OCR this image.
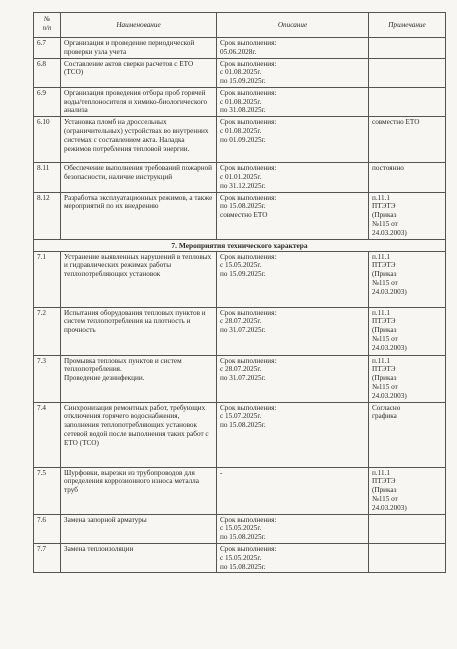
№
п/п	Наименование	Описание	Примечание
6.7	Организация и проведение периодической проверки узла учета	Срок выполнения:
05.06.2028г.	
6.8	Составление актов сверки расчетов с ЕТО (ТСО)	Срок выполнения:
с 01.08.2025г.
по 15.09.2025г.	
6.9	Организация проведения отбора проб горячей воды/теплоносителя и химико-биологического анализа	Срок выполнения:
с 01.08.2025г.
по 31.08.2025г.	
6.10	Установка пломб на дроссельных (ограничительных) устройствах во внутренних системах с составлением акта. Наладка режимов потребления тепловой энергии.	Срок выполнения:
с 01.08.2025г.
по 01.09.2025г.	совместно ЕТО
8.11	Обеспечение выполнения требований пожарной безопасности, наличие инструкций	Срок выполнения:
с 01.01.2025г.
по 31.12.2025г.	постоянно
8.12	Разработка эксплуатационных режимов, а также мероприятий по их внедрению	Срок выполнения:
по 15.08.2025г.
совместно ЕТО	п.11.1
ПТЭТЭ
(Приказ
№115 от
24.03.2003)
7. Мероприятия технического характера			
7.1	Устранение выявленных нарушений в тепловых и гидравлических режимах работы теплопотребляющих установок	Срок выполнения:
с 15.05.2025г.
по 15.09.2025г.	п.11.1
ПТЭТЭ
(Приказ
№115 от
24.03.2003)
7.2	Испытания оборудования тепловых пунктов и систем теплопотребления на плотность и прочность	Срок выполнения:
с 28.07.2025г.
по 31.07.2025г.	п.11.1
ПТЭТЭ
(Приказ
№115 от
24.03.2003)
7.3	Промывка тепловых пунктов и систем теплопотребления.
Проведение дезинфекции.	Срок выполнения:
с 28.07.2025г.
по 31.07.2025г.	п.11.1
ПТЭТЭ
(Приказ
№115 от
24.03.2003)
7.4	Синхронизация ремонтных работ, требующих отключения горячего водоснабжения, заполнения теплопотребляющих установок сетевой водой после выполнения таких работ с ЕТО (ТСО)	Срок выполнения:
с 15.07.2025г.
по 15.08.2025г.	Согласно
графика
7.5	Шурфовки, вырезки из трубопроводов для определения коррозионного износа металла труб	-	п.11.1
ПТЭТЭ
(Приказ
№115 от
24.03.2003)
7.6	Замена запорной арматуры	Срок выполнения:
с 15.05.2025г.
по 15.08.2025г.	
7.7	Замена теплоизоляции	Срок выполнения:
с 15.05.2025г.
по 15.08.2025г.	
